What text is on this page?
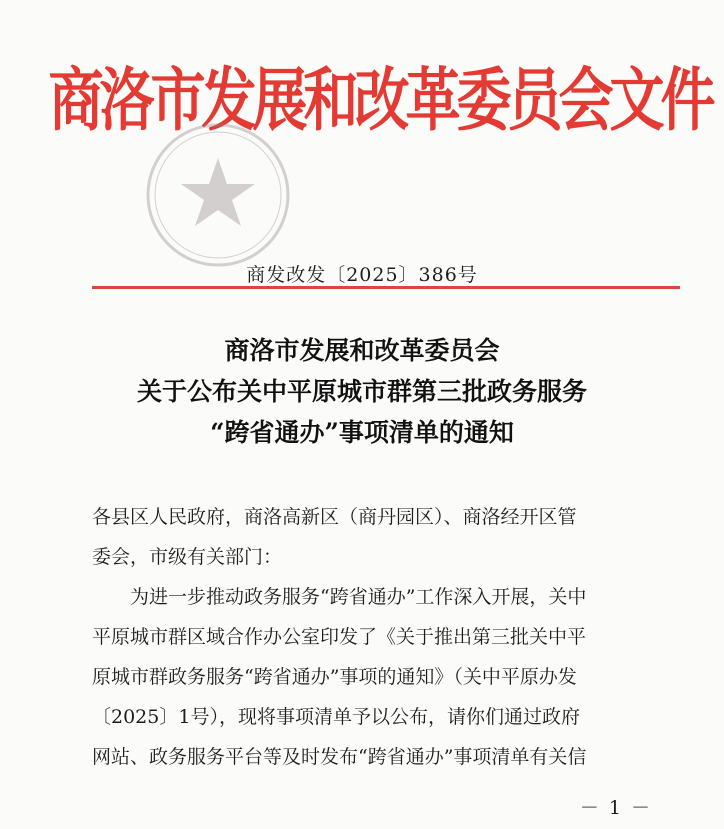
商洛市发展和改革委员会文件
商发改发〔2025〕386号
商洛市发展和改革委员会
关于公布关中平原城市群第三批政务服务
“跨省通办”事项清单的通知
各县区人民政府，商洛高新区（商丹园区）、商洛经开区管
委会，市级有关部门：
为进一步推动政务服务“跨省通办”工作深入开展，关中
平原城市群区域合作办公室印发了《关于推出第三批关中平
原城市群政务服务“跨省通办”事项的通知》（关中平原办发
〔2025〕1号），现将事项清单予以公布，请你们通过政府
网站、政务服务平台等及时发布“跨省通办”事项清单有关信
－ 1 －
